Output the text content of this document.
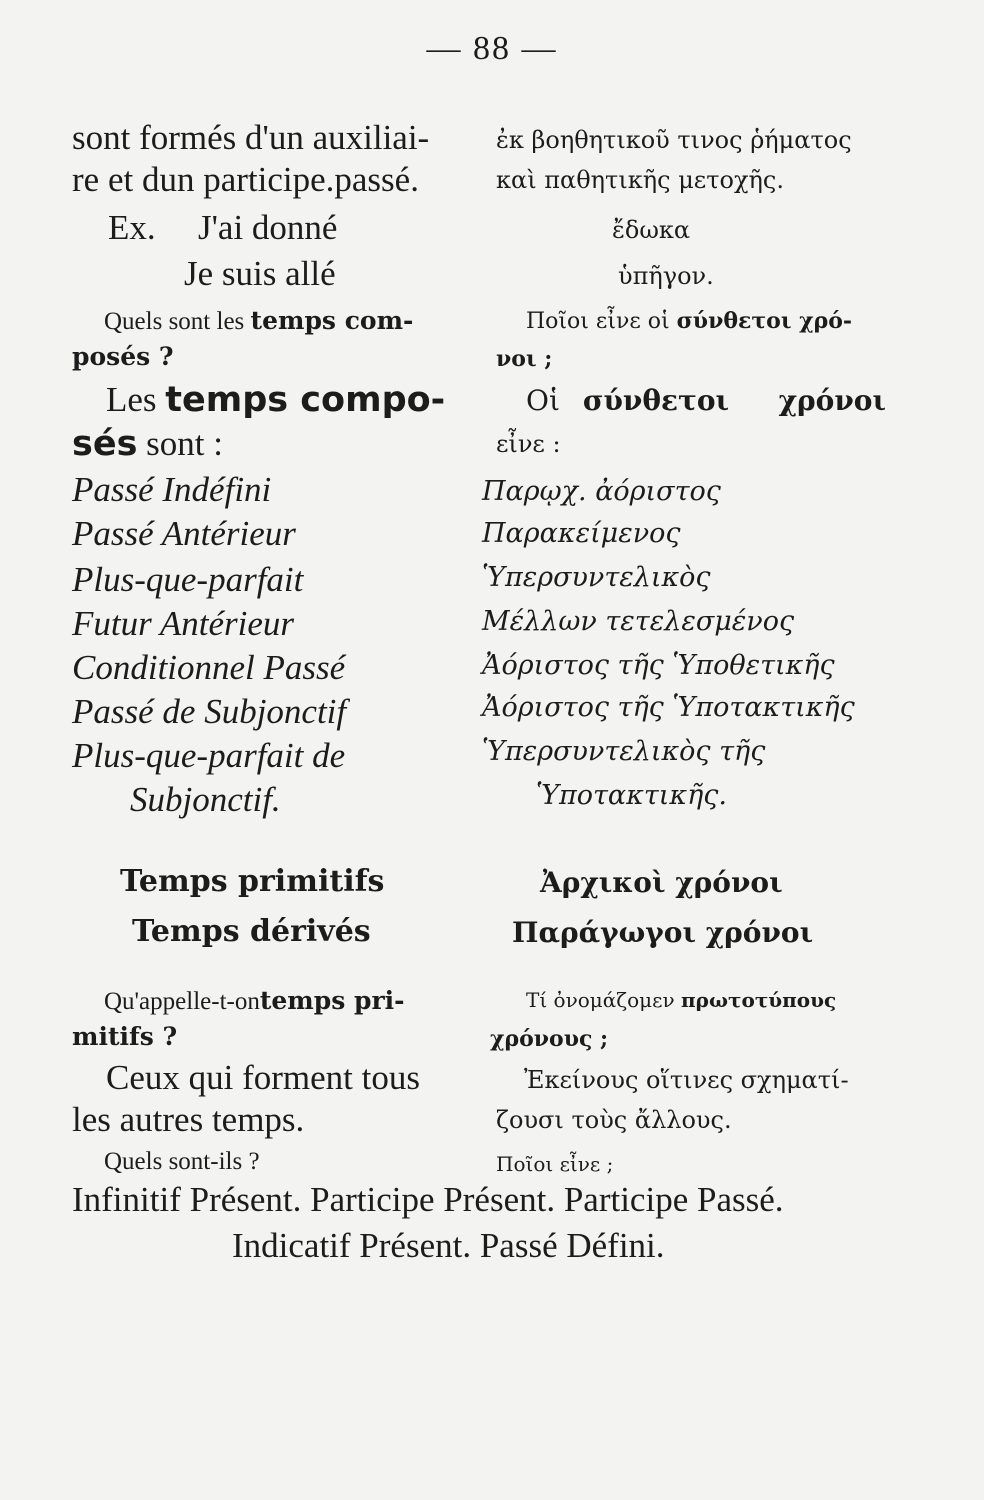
— 88 —
sont formés d'un auxiliai-
re et dun participe.passé.
Ex. J'ai donné
Je suis allé
Quels sont les temps com-
posés ?
Les temps compo-
sés sont :
Passé Indéfini
Passé Antérieur
Plus-que-parfait
Futur Antérieur
Conditionnel Passé
Passé de Subjonctif
Plus-que-parfait de
Subjonctif.
Temps primitifs
Temps dérivés
Qu'appelle-t-ontemps pri-
mitifs ?
Ceux qui forment tous
les autres temps.
Quels sont-ils ?
ἐκ βοηθητικοῦ τινος ῥήματος
καὶ παθητικῆς μετοχῆς.
ἔδωκα
ὑπῆγον.
Ποῖοι εἶνε οἱ σύνθετοι χρό-
νοι ;
Οἱ σύνθετοι χρόνοι
εἶνε :
Παρῳχ. ἀόριστος
Παρακείμενος
Ὑπερσυντελικὸς
Μέλλων τετελεσμένος
Ἀόριστος τῆς Ὑποθετικῆς
Ἀόριστος τῆς Ὑποτακτικῆς
Ὑπερσυντελικὸς τῆς
Ὑποτακτικῆς.
Ἀρχικοὶ χρόνοι
Παράγωγοι χρόνοι
Τί ὀνομάζομεν πρωτοτύπους
χρόνους ;
Ἐκείνους οἵτινες σχηματί-
ζουσι τοὺς ἄλλους.
Ποῖοι εἶνε ;
Infinitif Présent. Participe Présent. Participe Passé.
Indicatif Présent. Passé Défini.
